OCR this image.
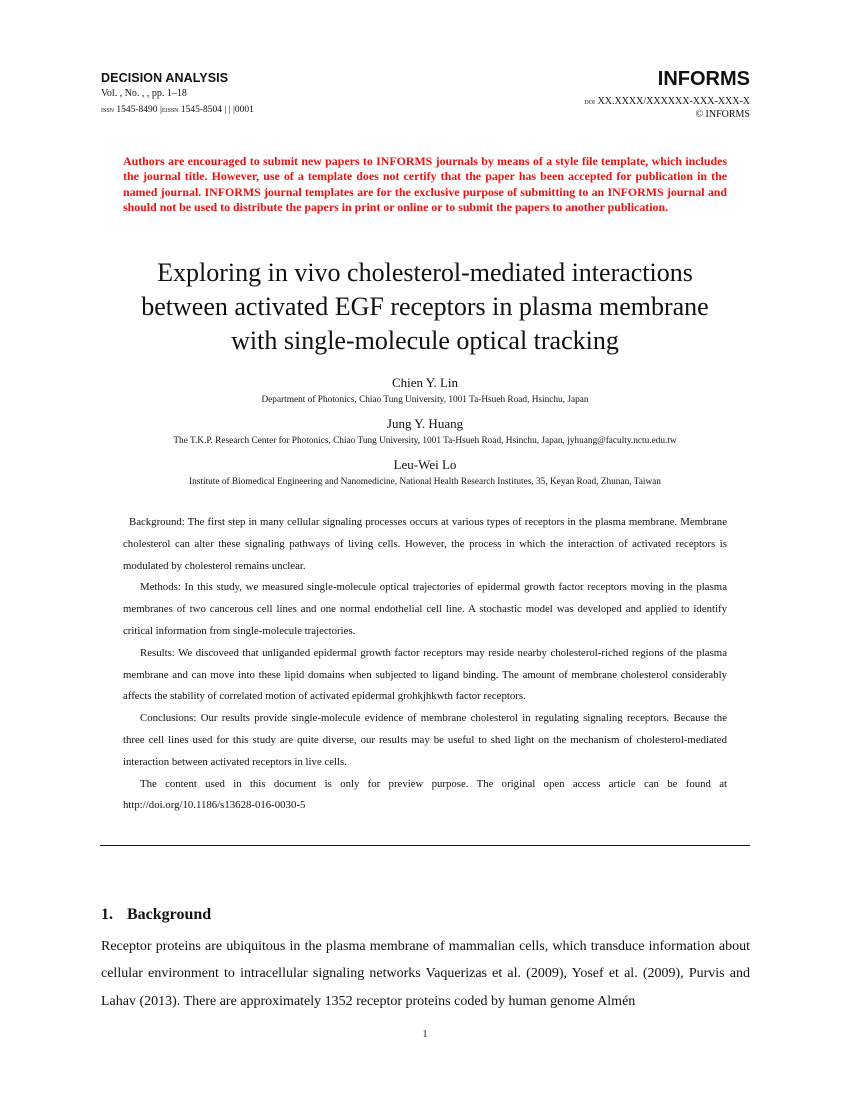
DECISION ANALYSIS
Vol. , No. , , pp. 1–18
issn 1545-8490 |eissn 1545-8504 | | |0001
INFORMS
doi XX.XXXX/XXXXXX-XXX-XXX-X
© INFORMS
Authors are encouraged to submit new papers to INFORMS journals by means of a style file template, which includes the journal title. However, use of a template does not certify that the paper has been accepted for publication in the named journal. INFORMS journal templates are for the exclusive purpose of submitting to an INFORMS journal and should not be used to distribute the papers in print or online or to submit the papers to another publication.
Exploring in vivo cholesterol-mediated interactions
between activated EGF receptors in plasma membrane
with single-molecule optical tracking
Chien Y. Lin
Department of Photonics, Chiao Tung University, 1001 Ta-Hsueh Road, Hsinchu, Japan
Jung Y. Huang
The T.K.P. Research Center for Photonics, Chiao Tung University, 1001 Ta-Hsueh Road, Hsinchu, Japan, jyhuang@faculty.nctu.edu.tw
Leu-Wei Lo
Institute of Biomedical Engineering and Nanomedicine, National Health Research Institutes, 35, Keyan Road, Zhunan, Taiwan

Background: The first step in many cellular signaling processes occurs at various types of receptors in the plasma membrane. Membrane cholesterol can alter these signaling pathways of living cells. However, the process in which the interaction of activated receptors is modulated by cholesterol remains unclear.

Methods: In this study, we measured single-molecule optical trajectories of epidermal growth factor receptors moving in the plasma membranes of two cancerous cell lines and one normal endothelial cell line. A stochastic model was developed and applied to identify critical information from single-molecule trajectories.

Results: We discoveed that unliganded epidermal growth factor receptors may reside nearby cholesterol-riched regions of the plasma membrane and can move into these lipid domains when subjected to ligand binding. The amount of membrane cholesterol considerably affects the stability of correlated motion of activated epidermal grohkjhkwth factor receptors.

Conclusions: Our results provide single-molecule evidence of membrane cholesterol in regulating signaling receptors. Because the three cell lines used for this study are quite diverse, our results may be useful to shed light on the mechanism of cholesterol-mediated interaction between activated receptors in live cells.

The content used in this document is only for preview purpose. The original open access article can be found at http://doi.org/10.1186/s13628-016-0030-5

1. Background

Receptor proteins are ubiquitous in the plasma membrane of mammalian cells, which transduce information about cellular environment to intracellular signaling networks Vaquerizas et al. (2009), Yosef et al. (2009), Purvis and Lahav (2013). There are approximately 1352 receptor proteins coded by human genome Almén

1
